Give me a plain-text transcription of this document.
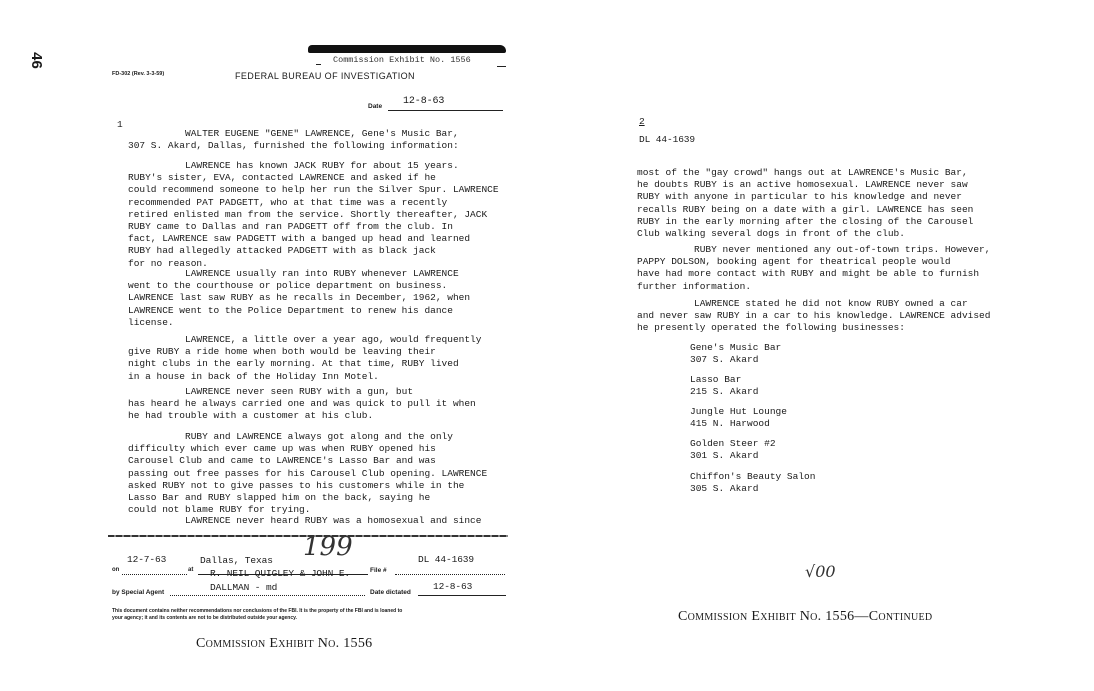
46	Commission Exhibit No. 1556
FD-302 (Rev. 3-3-59)	FEDERAL BUREAU OF INVESTIGATION
Date 12-8-63
1
WALTER EUGENE "GENE" LAWRENCE, Gene's Music Bar,
307 S. Akard, Dallas, furnished the following information:
LAWRENCE has known JACK RUBY for about 15 years.
RUBY's sister, EVA, contacted LAWRENCE and asked if he
could recommend someone to help her run the Silver Spur. LAWRENCE
recommended PAT PADGETT, who at that time was a recently
retired enlisted man from the service. Shortly thereafter, JACK
RUBY came to Dallas and ran PADGETT off from the club. In
fact, LAWRENCE saw PADGETT with a banged up head and learned
RUBY had allegedly attacked PADGETT with as black jack
for no reason.
LAWRENCE usually ran into RUBY whenever LAWRENCE
went to the courthouse or police department on business.
LAWRENCE last saw RUBY as he recalls in December, 1962, when
LAWRENCE went to the Police Department to renew his dance
license.
LAWRENCE, a little over a year ago, would frequently
give RUBY a ride home when both would be leaving their
night clubs in the early morning. At that time, RUBY lived
in a house in back of the Holiday Inn Motel.
LAWRENCE never seen RUBY with a gun, but
has heard he always carried one and was quick to pull it when
he had trouble with a customer at his club.
RUBY and LAWRENCE always got along and the only
difficulty which ever came up was when RUBY opened his
Carousel Club and came to LAWRENCE's Lasso Bar and was
passing out free passes for his Carousel Club opening. LAWRENCE
asked RUBY not to give passes to his customers while in the
Lasso Bar and RUBY slapped him on the back, saying he
could not blame RUBY for trying.
LAWRENCE never heard RUBY was a homosexual and since
12-7-63	Dallas, Texas 199	DL 44-1639
on	at	File #
R. NEIL QUIGLEY & JOHN E.
DALLMAN - md	12-8-63
by Special Agent	Date dictated
This document contains neither recommendations nor conclusions of the FBI. It is the property of the FBI and is loaned to
your agency; it and its contents are not to be distributed outside your agency.
Commission Exhibit No. 1556
2
DL 44-1639
most of the "gay crowd" hangs out at LAWRENCE's Music Bar,
he doubts RUBY is an active homosexual. LAWRENCE never saw
RUBY with anyone in particular to his knowledge and never
recalls RUBY being on a date with a girl. LAWRENCE has seen
RUBY in the early morning after the closing of the Carousel
Club walking several dogs in front of the club.
RUBY never mentioned any out-of-town trips. However,
PAPPY DOLSON, booking agent for theatrical people would
have had more contact with RUBY and might be able to furnish
further information.
LAWRENCE stated he did not know RUBY owned a car
and never saw RUBY in a car to his knowledge. LAWRENCE advised
he presently operated the following businesses:
Gene's Music Bar
307 S. Akard
Lasso Bar
215 S. Akard
Jungle Hut Lounge
415 N. Harwood
Golden Steer #2
301 S. Akard
Chiffon's Beauty Salon
305 S. Akard
√00
Commission Exhibit No. 1556—Continued
